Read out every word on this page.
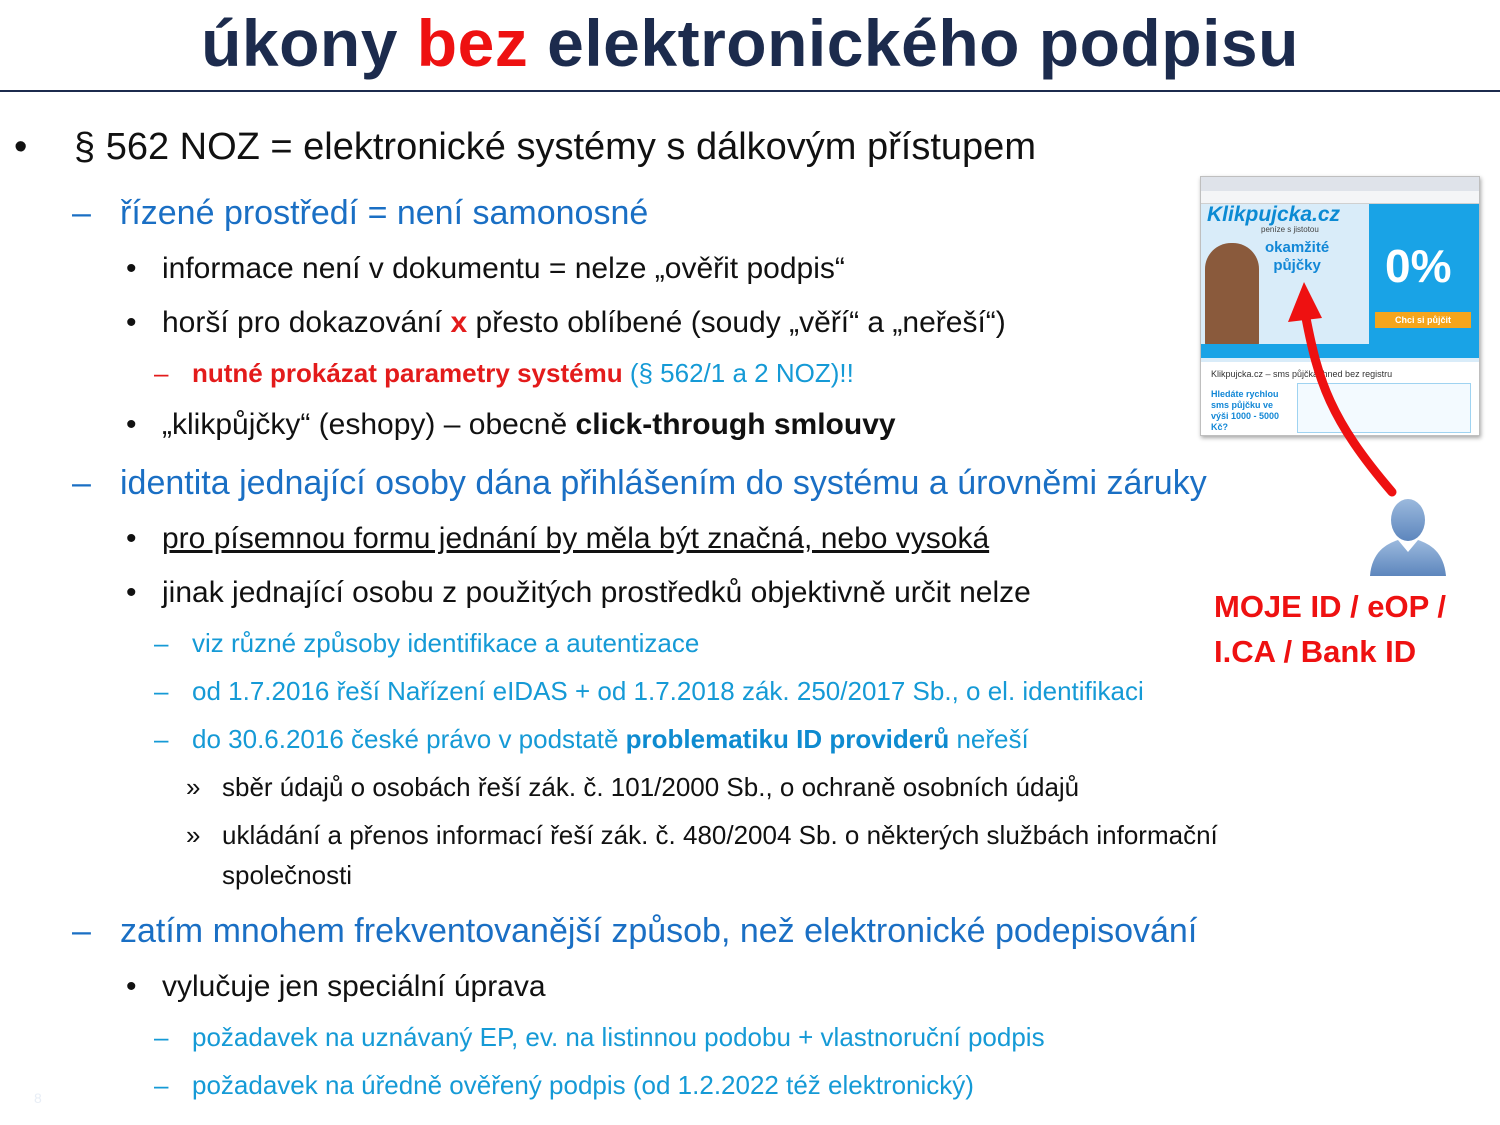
úkony bez elektronického podpisu
• § 562 NOZ = elektronické systémy s dálkovým přístupem
– řízené prostředí = není samonosné
• informace není v dokumentu = nelze „ověřit podpis“
• horší pro dokazování x přesto oblíbené (soudy „věří“ a „neřeší“)
– nutné prokázat parametry systému (§ 562/1 a 2 NOZ)!!
• „klikpůjčky“ (eshopy) – obecně click-through smlouvy
– identita jednající osoby dána přihlášením do systému a úrovněmi záruky
• pro písemnou formu jednání by měla být značná, nebo vysoká
• jinak jednající osobu z použitých prostředků objektivně určit nelze
– viz různé způsoby identifikace a autentizace
– od 1.7.2016 řeší Nařízení eIDAS + od 1.7.2018 zák. 250/2017 Sb., o el. identifikaci
– do 30.6.2016 české právo v podstatě problematiku ID providerů neřeší
» sběr údajů o osobách řeší zák. č. 101/2000 Sb., o ochraně osobních údajů
» ukládání a přenos informací řeší zák. č. 480/2004 Sb. o některých službách informační
společnosti
– zatím mnohem frekventovanější způsob, než elektronické podepisování
• vylučuje jen speciální úprava
– požadavek na uznávaný EP, ev. na listinnou podobu + vlastnoruční podpis
– požadavek na úředně ověřený podpis (od 1.2.2022 též elektronický)
Klikpujcka.cz
peníze s jistotou
okamžité
půjčky 0%
Chci si půjčit
Klikpujcka.cz – sms půjčka ihned bez registru
Hledáte rychlou
sms půjčku ve
výši 1000 - 5000
Kč?
MOJE ID / eOP /
I.CA / Bank ID
8
